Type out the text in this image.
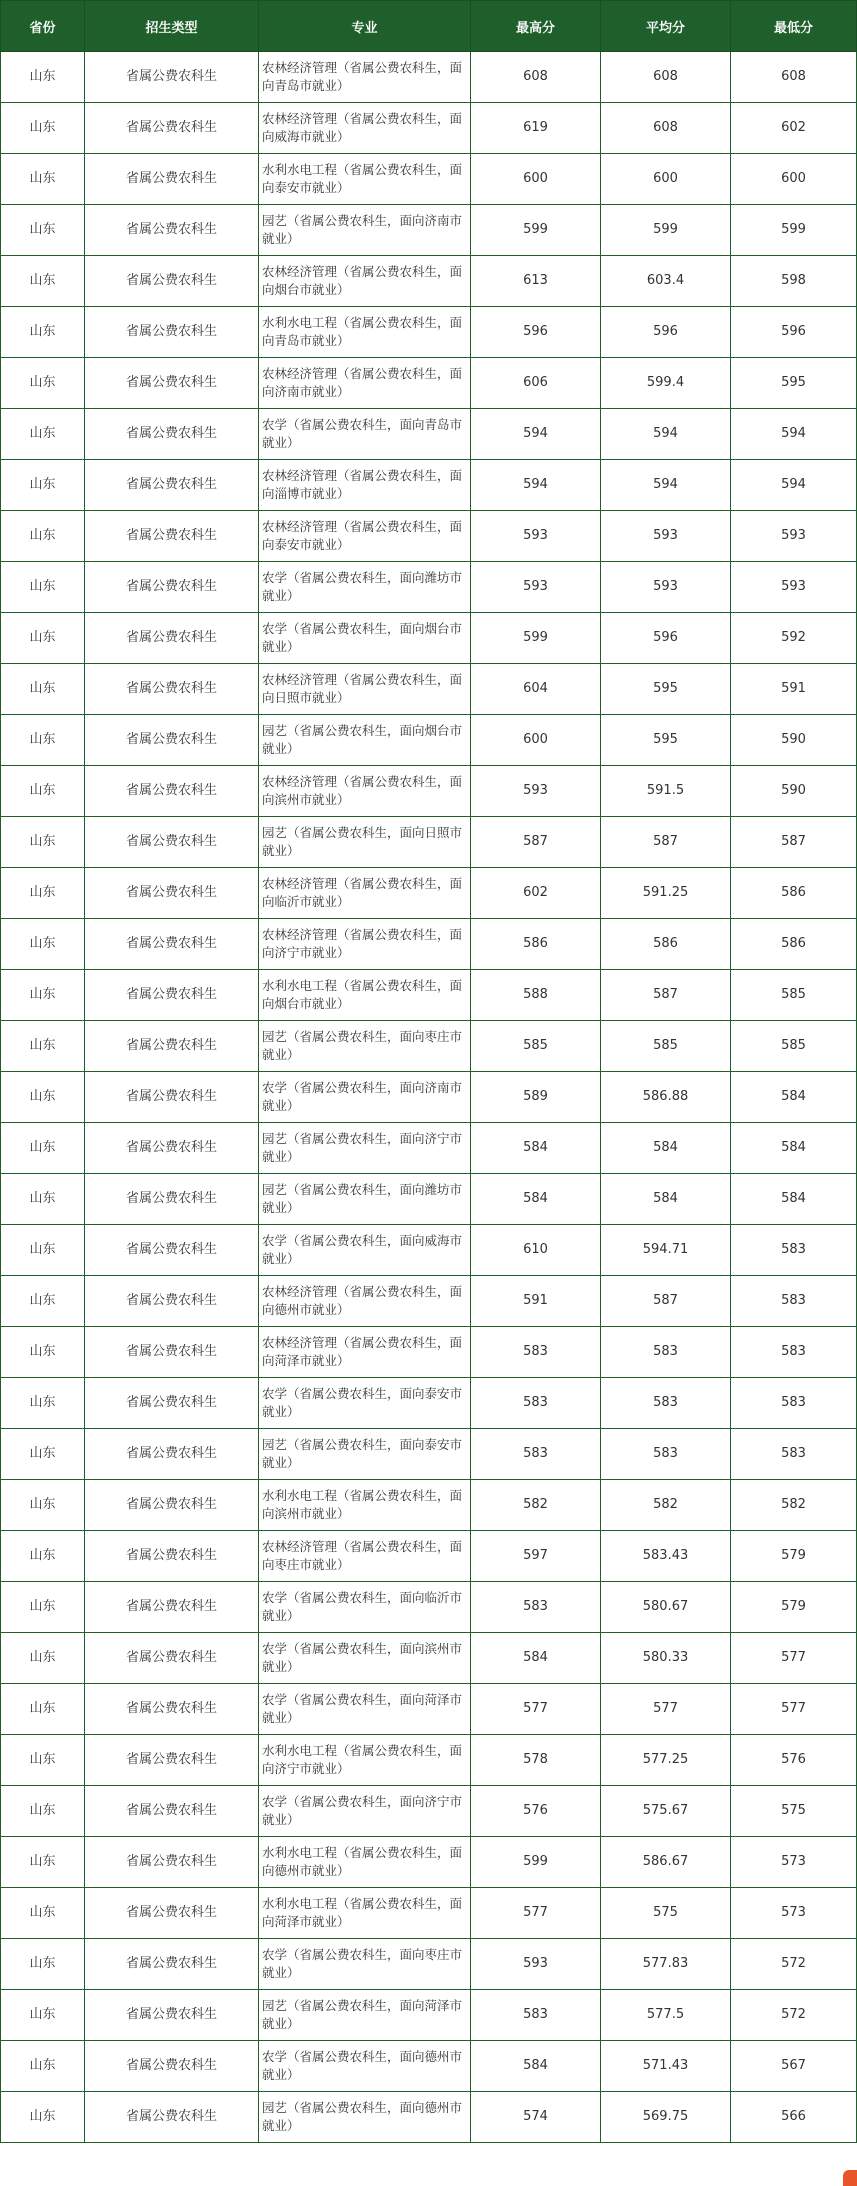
省份	招生类型	专业	最高分	平均分	最低分
山东	省属公费农科生	农林经济管理（省属公费农科生，面向青岛市就业）	608	608	608
山东	省属公费农科生	农林经济管理（省属公费农科生，面向威海市就业）	619	608	602
山东	省属公费农科生	水利水电工程（省属公费农科生，面向泰安市就业）	600	600	600
山东	省属公费农科生	园艺（省属公费农科生，面向济南市就业）	599	599	599
山东	省属公费农科生	农林经济管理（省属公费农科生，面向烟台市就业）	613	603.4	598
山东	省属公费农科生	水利水电工程（省属公费农科生，面向青岛市就业）	596	596	596
山东	省属公费农科生	农林经济管理（省属公费农科生，面向济南市就业）	606	599.4	595
山东	省属公费农科生	农学（省属公费农科生，面向青岛市就业）	594	594	594
山东	省属公费农科生	农林经济管理（省属公费农科生，面向淄博市就业）	594	594	594
山东	省属公费农科生	农林经济管理（省属公费农科生，面向泰安市就业）	593	593	593
山东	省属公费农科生	农学（省属公费农科生，面向潍坊市就业）	593	593	593
山东	省属公费农科生	农学（省属公费农科生，面向烟台市就业）	599	596	592
山东	省属公费农科生	农林经济管理（省属公费农科生，面向日照市就业）	604	595	591
山东	省属公费农科生	园艺（省属公费农科生，面向烟台市就业）	600	595	590
山东	省属公费农科生	农林经济管理（省属公费农科生，面向滨州市就业）	593	591.5	590
山东	省属公费农科生	园艺（省属公费农科生，面向日照市就业）	587	587	587
山东	省属公费农科生	农林经济管理（省属公费农科生，面向临沂市就业）	602	591.25	586
山东	省属公费农科生	农林经济管理（省属公费农科生，面向济宁市就业）	586	586	586
山东	省属公费农科生	水利水电工程（省属公费农科生，面向烟台市就业）	588	587	585
山东	省属公费农科生	园艺（省属公费农科生，面向枣庄市就业）	585	585	585
山东	省属公费农科生	农学（省属公费农科生，面向济南市就业）	589	586.88	584
山东	省属公费农科生	园艺（省属公费农科生，面向济宁市就业）	584	584	584
山东	省属公费农科生	园艺（省属公费农科生，面向潍坊市就业）	584	584	584
山东	省属公费农科生	农学（省属公费农科生，面向威海市就业）	610	594.71	583
山东	省属公费农科生	农林经济管理（省属公费农科生，面向德州市就业）	591	587	583
山东	省属公费农科生	农林经济管理（省属公费农科生，面向菏泽市就业）	583	583	583
山东	省属公费农科生	农学（省属公费农科生，面向泰安市就业）	583	583	583
山东	省属公费农科生	园艺（省属公费农科生，面向泰安市就业）	583	583	583
山东	省属公费农科生	水利水电工程（省属公费农科生，面向滨州市就业）	582	582	582
山东	省属公费农科生	农林经济管理（省属公费农科生，面向枣庄市就业）	597	583.43	579
山东	省属公费农科生	农学（省属公费农科生，面向临沂市就业）	583	580.67	579
山东	省属公费农科生	农学（省属公费农科生，面向滨州市就业）	584	580.33	577
山东	省属公费农科生	农学（省属公费农科生，面向菏泽市就业）	577	577	577
山东	省属公费农科生	水利水电工程（省属公费农科生，面向济宁市就业）	578	577.25	576
山东	省属公费农科生	农学（省属公费农科生，面向济宁市就业）	576	575.67	575
山东	省属公费农科生	水利水电工程（省属公费农科生，面向德州市就业）	599	586.67	573
山东	省属公费农科生	水利水电工程（省属公费农科生，面向菏泽市就业）	577	575	573
山东	省属公费农科生	农学（省属公费农科生，面向枣庄市就业）	593	577.83	572
山东	省属公费农科生	园艺（省属公费农科生，面向菏泽市就业）	583	577.5	572
山东	省属公费农科生	农学（省属公费农科生，面向德州市就业）	584	571.43	567
山东	省属公费农科生	园艺（省属公费农科生，面向德州市就业）	574	569.75	566
